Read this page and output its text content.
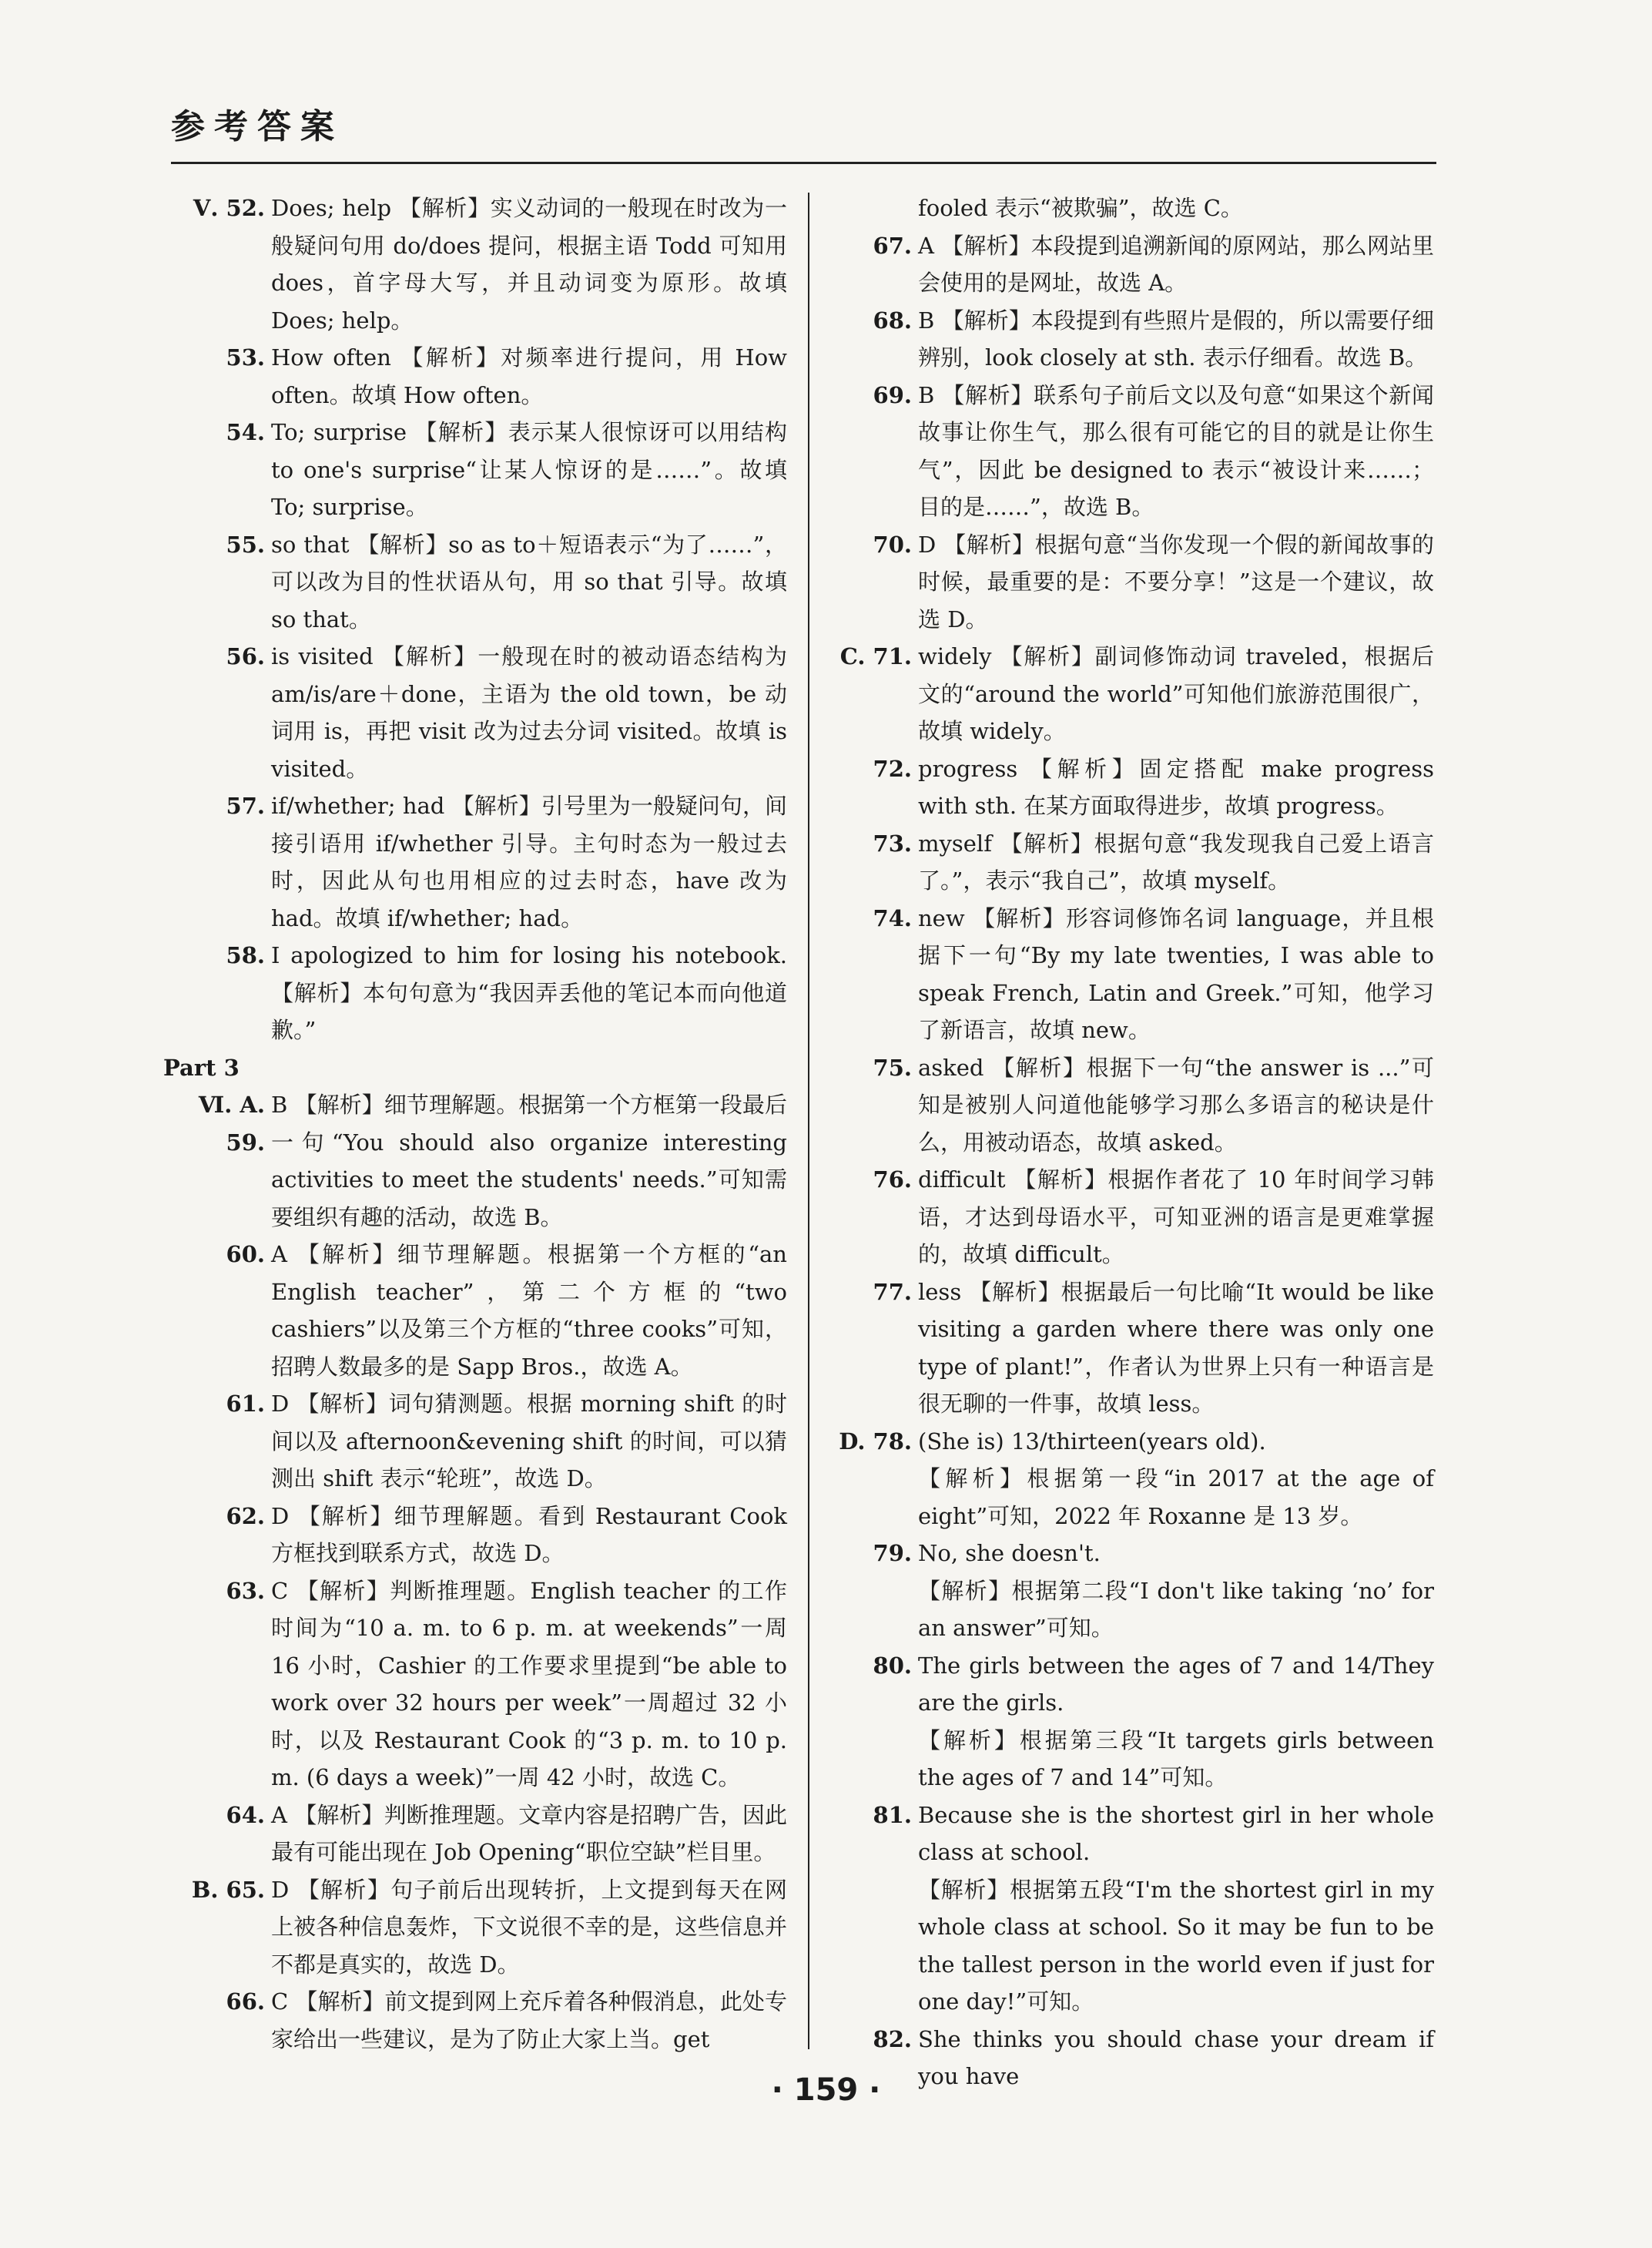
参考答案
Ⅴ. 52. Does; help 【解析】实义动词的一般现在时改为一般疑问句用 do/does 提问，根据主语 Todd 可知用 does，首字母大写，并且动词变为原形。故填 Does; help。
53. How often 【解析】对频率进行提问，用 How often。故填 How often。
54. To; surprise 【解析】表示某人很惊讶可以用结构 to one's surprise“让某人惊讶的是……”。故填 To; surprise。
55. so that 【解析】so as to＋短语表示“为了……”，可以改为目的性状语从句，用 so that 引导。故填 so that。
56. is visited 【解析】一般现在时的被动语态结构为 am/is/are＋done，主语为 the old town，be 动词用 is，再把 visit 改为过去分词 visited。故填 is visited。
57. if/whether; had 【解析】引号里为一般疑问句，间接引语用 if/whether 引导。主句时态为一般过去时，因此从句也用相应的过去时态，have 改为 had。故填 if/whether; had。
58. I apologized to him for losing his notebook. 【解析】本句句意为“我因弄丢他的笔记本而向他道歉。”
Part 3
Ⅵ. A. 59.
B 【解析】细节理解题。根据第一个方框第一段最后一句“You should also organize interesting activities to meet the students' needs.”可知需要组织有趣的活动，故选 B。
60. A 【解析】细节理解题。根据第一个方框的“an English teacher”，第二个方框的“two cashiers”以及第三个方框的“three cooks”可知，招聘人数最多的是 Sapp Bros.，故选 A。
61. D 【解析】词句猜测题。根据 morning shift 的时间以及 afternoon&evening shift 的时间，可以猜测出 shift 表示“轮班”，故选 D。
62. D 【解析】细节理解题。看到 Restaurant Cook 方框找到联系方式，故选 D。
63. C 【解析】判断推理题。English teacher 的工作时间为“10 a. m. to 6 p. m. at weekends”一周 16 小时，Cashier 的工作要求里提到“be able to work over 32 hours per week”一周超过 32 小时，以及 Restaurant Cook 的“3 p. m. to 10 p. m. (6 days a week)”一周 42 小时，故选 C。
64. A 【解析】判断推理题。文章内容是招聘广告，因此最有可能出现在 Job Opening“职位空缺”栏目里。
B. 65. D 【解析】句子前后出现转折，上文提到每天在网上被各种信息轰炸，下文说很不幸的是，这些信息并不都是真实的，故选 D。
66. C 【解析】前文提到网上充斥着各种假消息，此处专家给出一些建议，是为了防止大家上当。get
fooled 表示“被欺骗”，故选 C。
67. A 【解析】本段提到追溯新闻的原网站，那么网站里会使用的是网址，故选 A。
68. B 【解析】本段提到有些照片是假的，所以需要仔细辨别，look closely at sth. 表示仔细看。故选 B。
69. B 【解析】联系句子前后文以及句意“如果这个新闻故事让你生气，那么很有可能它的目的就是让你生气”，因此 be designed to 表示“被设计来……；目的是……”，故选 B。
70. D 【解析】根据句意“当你发现一个假的新闻故事的时候，最重要的是：不要分享！”这是一个建议，故选 D。
C. 71. widely 【解析】副词修饰动词 traveled，根据后文的“around the world”可知他们旅游范围很广，故填 widely。
72. progress 【解析】固定搭配 make progress with sth. 在某方面取得进步，故填 progress。
73. myself 【解析】根据句意“我发现我自己爱上语言了。”，表示“我自己”，故填 myself。
74. new 【解析】形容词修饰名词 language，并且根据下一句“By my late twenties, I was able to speak French, Latin and Greek.”可知，他学习了新语言，故填 new。
75. asked 【解析】根据下一句“the answer is ...”可知是被别人问道他能够学习那么多语言的秘诀是什么，用被动语态，故填 asked。
76. difficult 【解析】根据作者花了 10 年时间学习韩语，才达到母语水平，可知亚洲的语言是更难掌握的，故填 difficult。
77. less 【解析】根据最后一句比喻“It would be like visiting a garden where there was only one type of plant!”，作者认为世界上只有一种语言是很无聊的一件事，故填 less。
D. 78. (She is) 13/thirteen(years old).
【解析】根据第一段“in 2017 at the age of eight”可知，2022 年 Roxanne 是 13 岁。
79. No, she doesn't.
【解析】根据第二段“I don't like taking ‘no’ for an answer”可知。
80. The girls between the ages of 7 and 14/They are the girls.
【解析】根据第三段“It targets girls between the ages of 7 and 14”可知。
81. Because she is the shortest girl in her whole class at school.
【解析】根据第五段“I'm the shortest girl in my whole class at school. So it may be fun to be the tallest person in the world even if just for one day!”可知。
82. She thinks you should chase your dream if you have
· 159 ·
